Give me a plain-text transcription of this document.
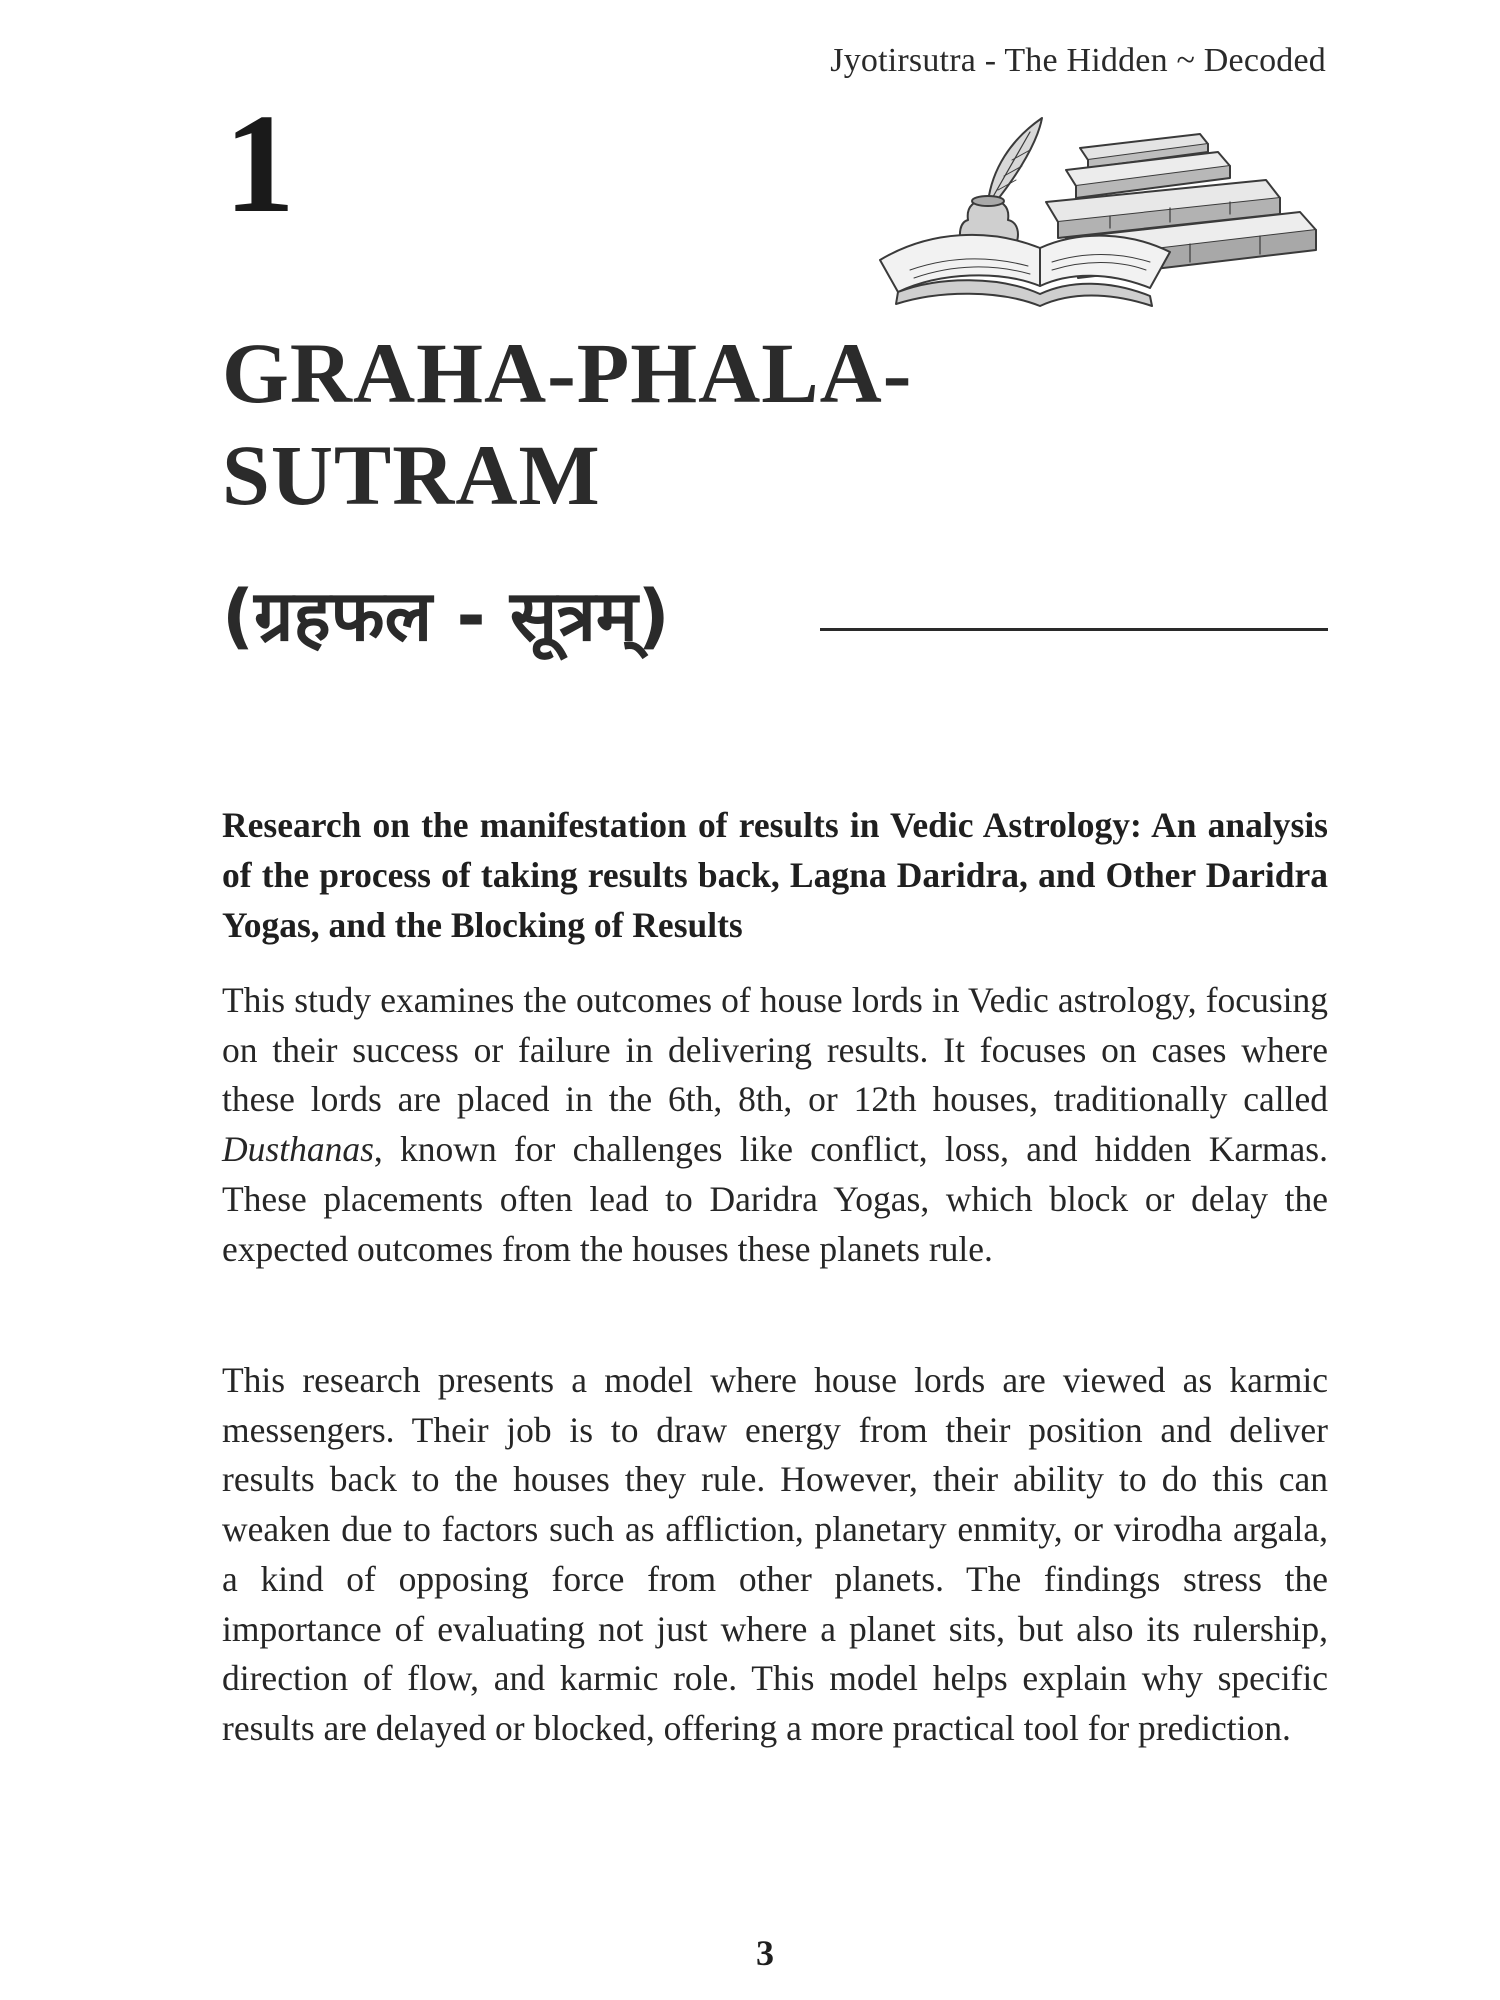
Jyotirsutra - The Hidden ~ Decoded
1
GRAHA-PHALA-
SUTRAM
(ग्रहफल - सूत्रम्)

Research on the manifestation of results in Vedic Astrology: An analysis of the process of taking results back, Lagna Daridra, and Other Daridra Yogas, and the Blocking of Results

This study examines the outcomes of house lords in Vedic astrology, focusing on their success or failure in delivering results. It focuses on cases where these lords are placed in the 6th, 8th, or 12th houses, traditionally called Dusthanas, known for challenges like conflict, loss, and hidden Karmas. These placements often lead to Daridra Yogas, which block or delay the expected outcomes from the houses these planets rule.

This research presents a model where house lords are viewed as karmic messengers. Their job is to draw energy from their position and deliver results back to the houses they rule. However, their ability to do this can weaken due to factors such as affliction, planetary enmity, or virodha argala, a kind of opposing force from other planets. The findings stress the importance of evaluating not just where a planet sits, but also its rulership, direction of flow, and karmic role. This model helps explain why specific results are delayed or blocked, offering a more practical tool for prediction.

3
